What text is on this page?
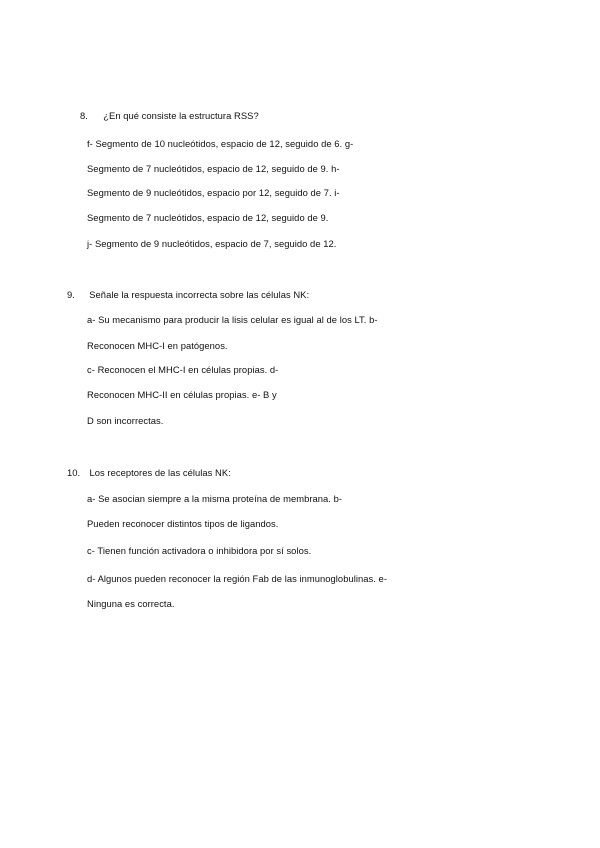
8. ¿En qué consiste la estructura RSS?
f- Segmento de 10 nucleótidos, espacio de 12, seguido de 6. g-
Segmento de 7 nucleótidos, espacio de 12, seguido de 9. h-
Segmento de 9 nucleótidos, espacio por 12, seguido de 7. i-
Segmento de 7 nucleótidos, espacio de 12, seguido de 9.
j- Segmento de 9 nucleótidos, espacio de 7, seguido de 12.
9. Señale la respuesta incorrecta sobre las células NK:
a- Su mecanismo para producir la lisis celular es igual al de los LT. b-
Reconocen MHC-I en patógenos.
c- Reconocen el MHC-I en células propias. d-
Reconocen MHC-II en células propias. e- B y
D son incorrectas.
10. Los receptores de las células NK:
a- Se asocian siempre a la misma proteína de membrana. b-
Pueden reconocer distintos tipos de ligandos.
c- Tienen función activadora o inhibidora por sí solos.
d- Algunos pueden reconocer la región Fab de las inmunoglobulinas. e-
Ninguna es correcta.
